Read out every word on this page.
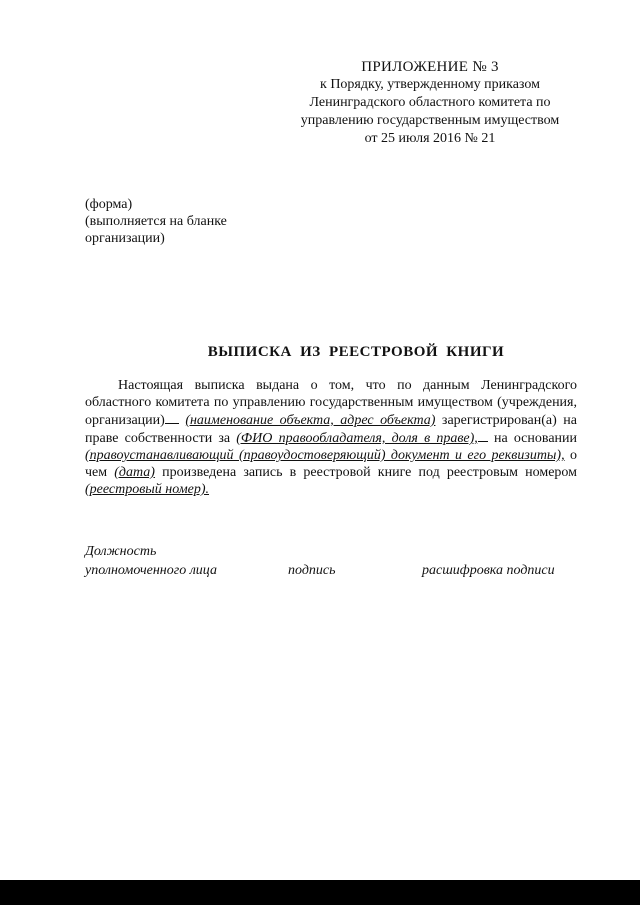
ПРИЛОЖЕНИЕ № 3
к Порядку, утвержденному приказом
Ленинградского областного комитета по
управлению государственным имуществом
от 25 июля 2016 № 21
(форма)
(выполняется на бланке
организации)
ВЫПИСКА ИЗ РЕЕСТРОВОЙ КНИГИ
Настоящая выписка выдана о том, что по данным Ленинградского областного комитета по управлению государственным имуществом (учреждения, организации) (наименование объекта, адрес объекта) зарегистрирован(а) на праве собственности за (ФИО правообладателя, доля в праве), на основании (правоустанавливающий (правоудостоверяющий) документ и его реквизиты), о чем (дата) произведена запись в реестровой книге под реестровым номером (реестровый номер).
Должность
уполномоченного лица	подпись	расшифровка подписи
